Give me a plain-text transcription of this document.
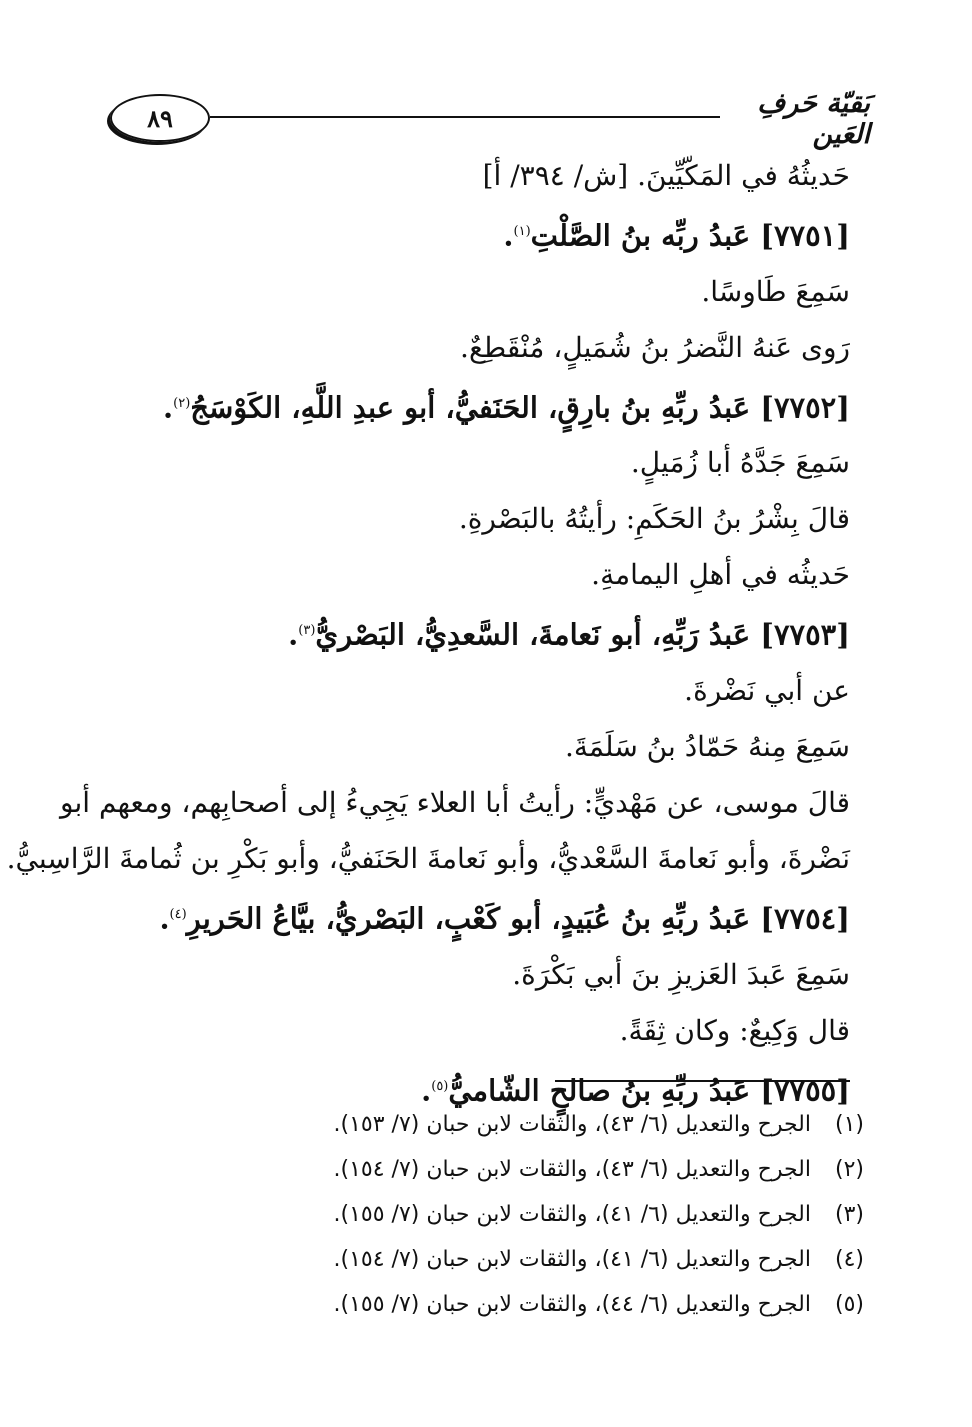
٨٩	بَقيّة حَرفِ العَين
حَديثُهُ في المَكّيِّينَ. [ش/ ٣٩٤/ أ]
[٧٧٥١] عَبدُ ربِّه بنُ الصَّلْتِ$^{(١)}$.
سَمِعَ طَاوسًا.
رَوى عَنهُ النَّضرُ بنُ شُمَيلٍ، مُنْقَطِعٌ.
[٧٧٥٢] عَبدُ ربِّهِ بنُ بارِقٍ، الحَنَفيُّ، أبو عبدِ اللَّهِ، الكَوْسَجُ$^{(٢)}$.
سَمِعَ جَدَّهُ أبا زُمَيلٍ.
قالَ بِشْرُ بنُ الحَكَمِ: رأيتُهُ بالبَصْرةِ.
حَديثُه في أهلِ اليمامةِ.
[٧٧٥٣] عَبدُ رَبِّهِ، أبو نَعامةَ، السَّعدِيُّ، البَصْريُّ$^{(٣)}$.
عن أبي نَضْرةَ.
سَمِعَ مِنهُ حَمّادُ بنُ سَلَمَةَ.
قالَ موسى، عن مَهْديٍّ: رأيتُ أبا العلاء يَجِيءُ إلى أصحابِهم، ومعهم أبو
نَضْرةَ، وأبو نَعامةَ السَّعْديُّ، وأبو نَعامةَ الحَنَفيُّ، وأبو بَكْرِ بن ثُمامةَ الرَّاسِبيُّ.
[٧٧٥٤] عَبدُ ربِّهِ بنُ عُبَيدٍ، أبو كَعْبٍ، البَصْريُّ، بيَّاعُ الحَريرِ$^{(٤)}$.
سَمِعَ عَبدَ العَزيزِ بنَ أبي بَكْرَةَ.
قال وَكِيعٌ: وكان ثِقَةً.
[٧٧٥٥] عَبدُ ربِّهِ بنُ صالحٍ الشّاميُّ$^{(٥)}$.
(١) الجرح والتعديل (٦/ ٤٣)، والثقات لابن حبان (٧/ ١٥٣).
(٢) الجرح والتعديل (٦/ ٤٣)، والثقات لابن حبان (٧/ ١٥٤).
(٣) الجرح والتعديل (٦/ ٤١)، والثقات لابن حبان (٧/ ١٥٥).
(٤) الجرح والتعديل (٦/ ٤١)، والثقات لابن حبان (٧/ ١٥٤).
(٥) الجرح والتعديل (٦/ ٤٤)، والثقات لابن حبان (٧/ ١٥٥).
